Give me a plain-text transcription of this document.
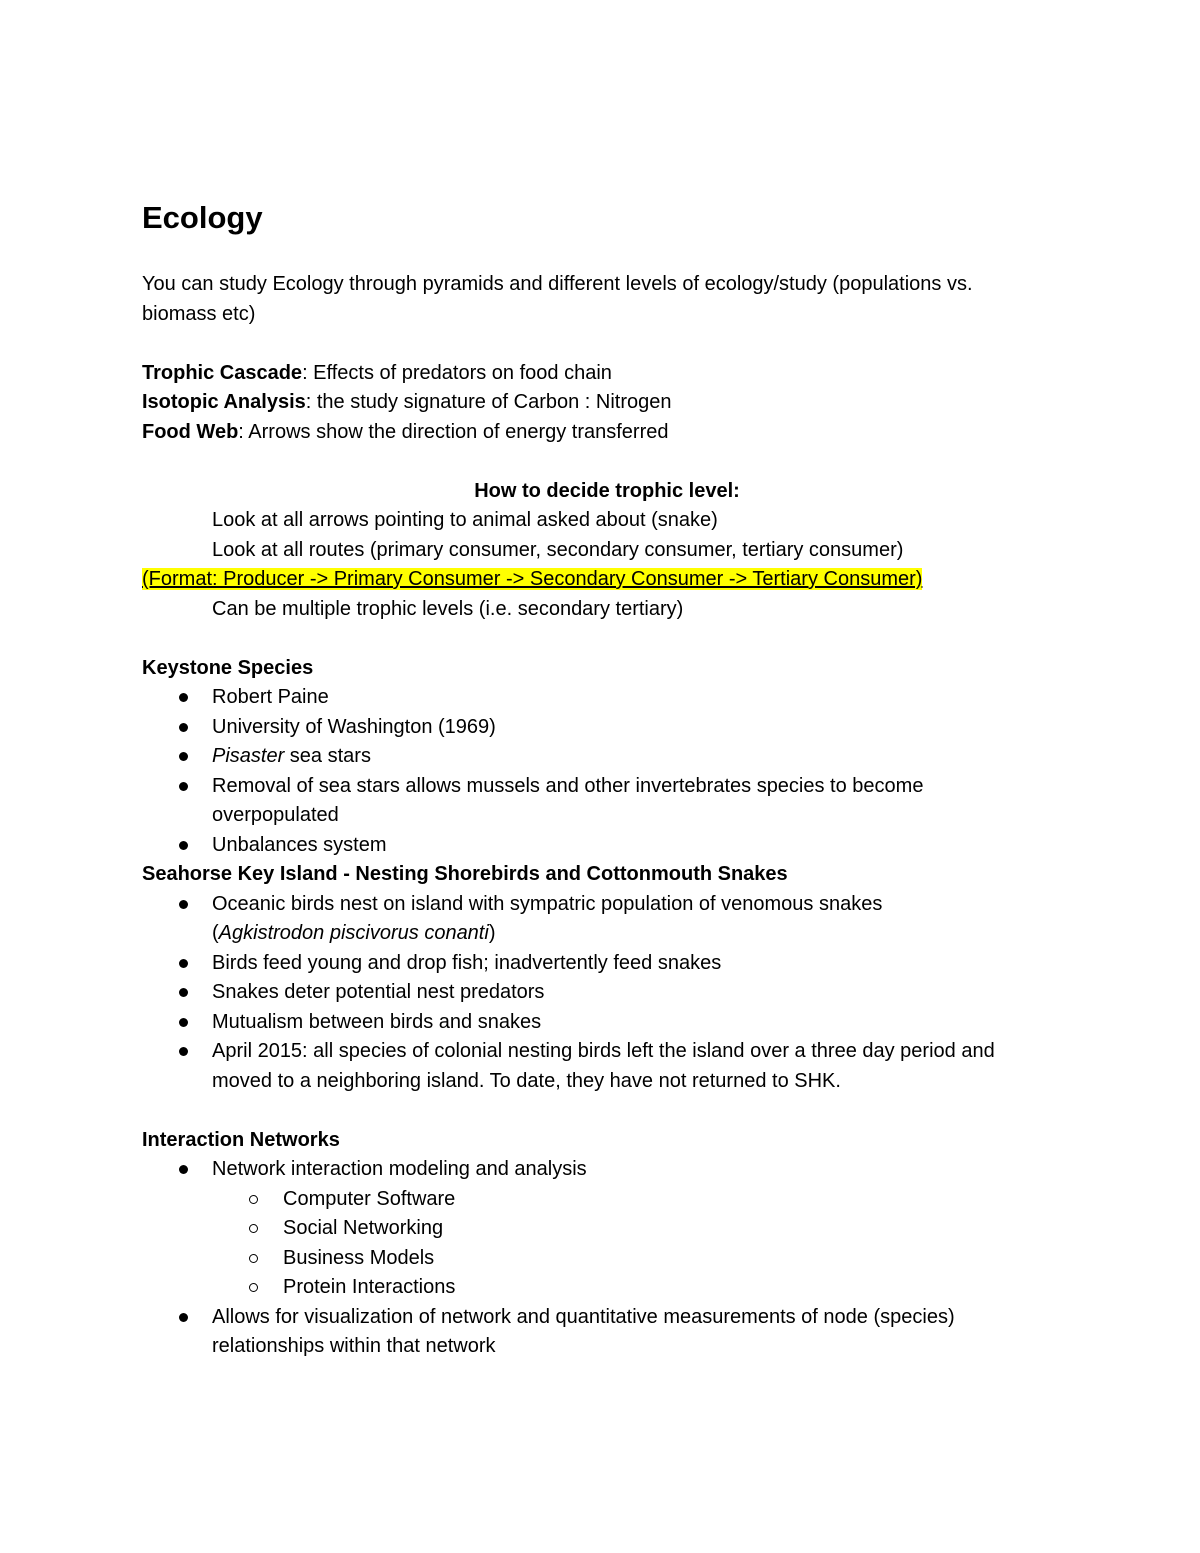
Ecology
You can study Ecology through pyramids and different levels of ecology/study (populations vs.
biomass etc)
Trophic Cascade: Effects of predators on food chain
Isotopic Analysis: the study signature of Carbon : Nitrogen
Food Web: Arrows show the direction of energy transferred
How to decide trophic level:
Look at all arrows pointing to animal asked about (snake)
Look at all routes (primary consumer, secondary consumer, tertiary consumer)
(Format: Producer -> Primary Consumer -> Secondary Consumer -> Tertiary Consumer)
Can be multiple trophic levels (i.e. secondary tertiary)
Keystone Species
Robert Paine
University of Washington (1969)
Pisaster sea stars
Removal of sea stars allows mussels and other invertebrates species to become
overpopulated
Unbalances system
Seahorse Key Island - Nesting Shorebirds and Cottonmouth Snakes
Oceanic birds nest on island with sympatric population of venomous snakes
(Agkistrodon piscivorus conanti)
Birds feed young and drop fish; inadvertently feed snakes
Snakes deter potential nest predators
Mutualism between birds and snakes
April 2015: all species of colonial nesting birds left the island over a three day period and
moved to a neighboring island. To date, they have not returned to SHK.
Interaction Networks
Network interaction modeling and analysis
Computer Software
Social Networking
Business Models
Protein Interactions
Allows for visualization of network and quantitative measurements of node (species)
relationships within that network
